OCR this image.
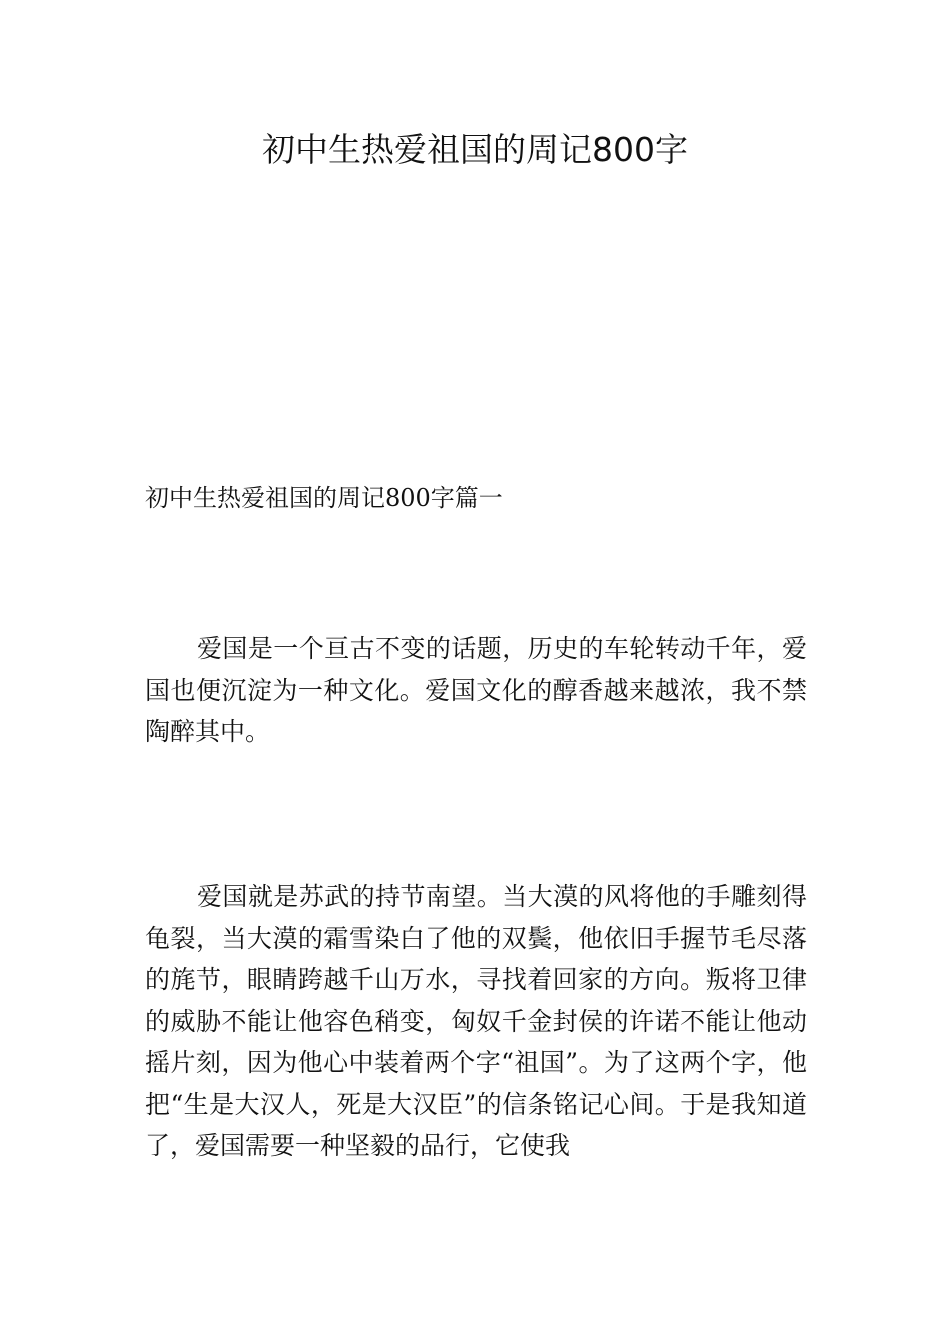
初中生热爱祖国的周记800字
初中生热爱祖国的周记800字篇一

爱国是一个亘古不变的话题，历史的车轮转动千年，爱国也便沉淀为一种文化。爱国文化的醇香越来越浓，我不禁陶醉其中。

爱国就是苏武的持节南望。当大漠的风将他的手雕刻得龟裂，当大漠的霜雪染白了他的双鬓，他依旧手握节毛尽落的旄节，眼睛跨越千山万水，寻找着回家的方向。叛将卫律的威胁不能让他容色稍变，匈奴千金封侯的许诺不能让他动摇片刻，因为他心中装着两个字“祖国”。为了这两个字，他把“生是大汉人，死是大汉臣”的信条铭记心间。于是我知道了，爱国需要一种坚毅的品行，它使我
